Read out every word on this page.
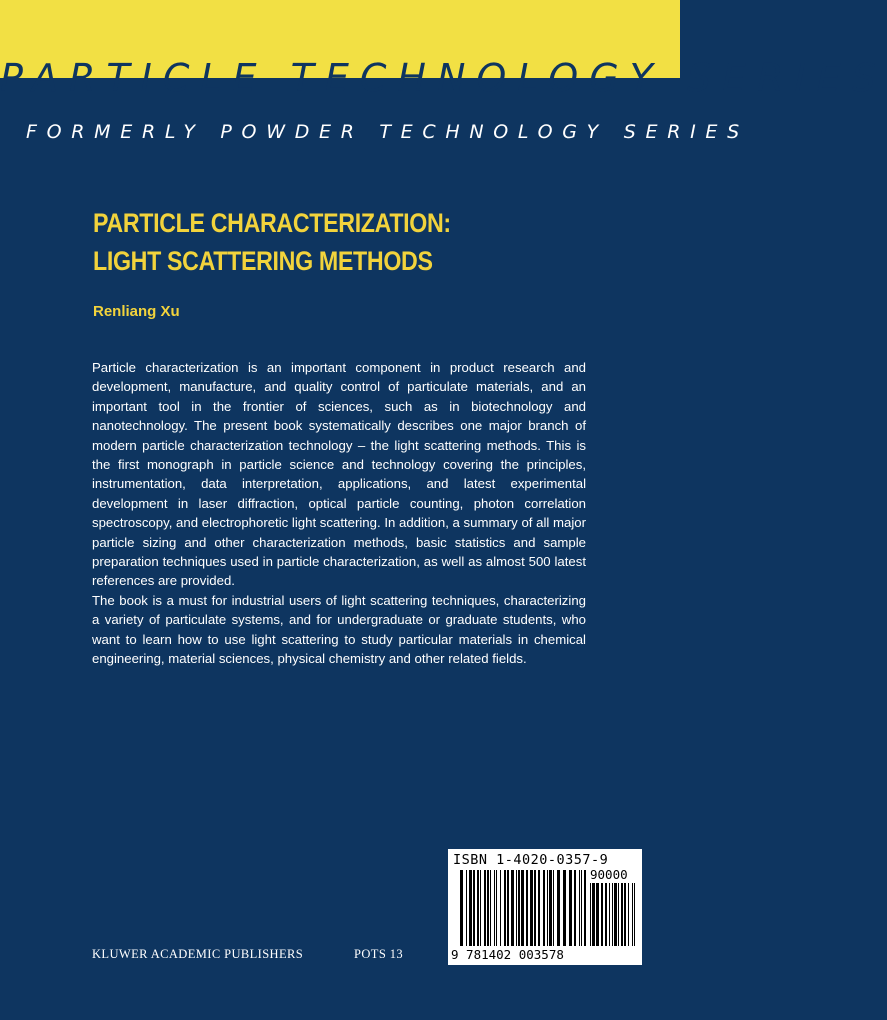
PARTICLE TECHNOLOGY SERIES
FORMERLY POWDER TECHNOLOGY SERIES
PARTICLE CHARACTERIZATION:
LIGHT SCATTERING METHODS
Renliang Xu

Particle characterization is an important component in product research and development, manufacture, and quality control of particulate materials, and an important tool in the frontier of sciences, such as in biotechnology and nanotechnology. The present book systematically describes one major branch of modern particle characterization technology – the light scattering methods. This is the first monograph in particle science and technology covering the principles, instrumentation, data interpretation, applications, and latest experimental development in laser diffraction, optical particle counting, photon correlation spectroscopy, and electrophoretic light scattering. In addition, a summary of all major particle sizing and other characterization methods, basic statistics and sample preparation techniques used in particle characterization, as well as almost 500 latest references are provided.

The book is a must for industrial users of light scattering techniques, characterizing a variety of particulate systems, and for undergraduate or graduate students, who want to learn how to use light scattering to study particular materials in chemical engineering, material sciences, physical chemistry and other related fields.

ISBN 1-4020-0357-9
90000
9 781402 003578
KLUWER ACADEMIC PUBLISHERS	POTS 13
